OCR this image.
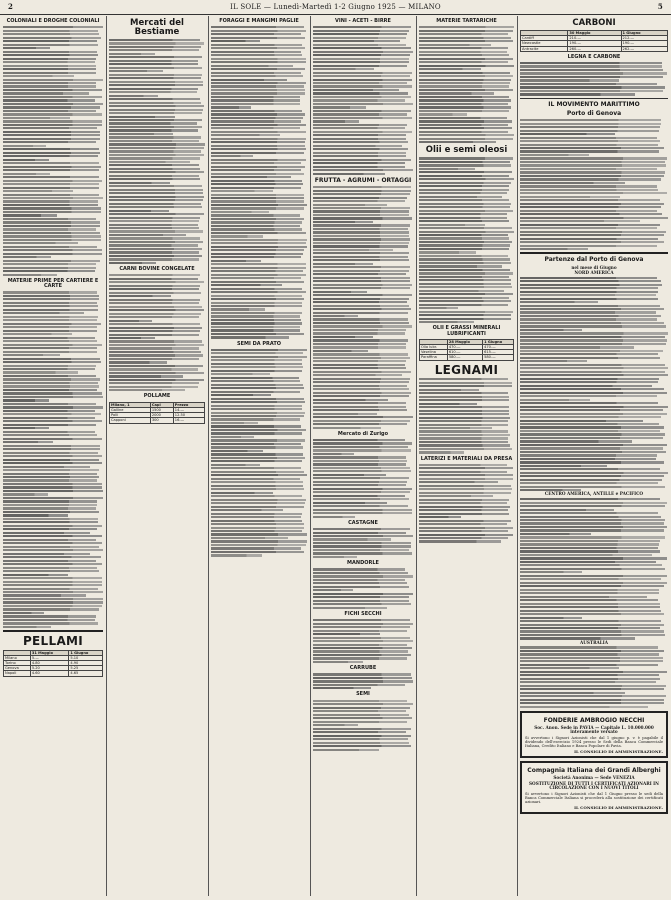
2	IL SOLE — Lunedì-Martedì 1-2 Giugno 1925 — MILANO	5
COLONIALI E DROGHE COLONIALI

MATERIE PRIME PER CARTIERE E CARTE

PELLAMI
	31 Maggio	1 Giugno
Milano	5.—	5.10
Torino	4.80	4.90
Genova	5.20	5.25
Napoli	4.60	4.65
Mercati del Bestiame

CARNI BOVINE CONGELATE

POLLAME
Milano, 1	Capi	Prezzo
Galline	1500	14.—
Polli	2000	12.50
Capponi	300	16.—
FORAGGI E MANGIMI PAGLIE

SEMI DA PRATO

VINI - ACETI - BIRRE

FRUTTA - AGRUMI - ORTAGGI

Mercato di Zurigo

CASTAGNE

MANDORLE

FICHI SECCHI

CARRUBE

SEMI

MATERIE TARTARICHE

Olii e semi oleosi

OLII E GRASSI MINERALI LUBRIFICANTI
	28 Maggio	1 Giugno
Olio lubr.	470.—	470.—
Vaselina	610.—	615.—
Paraffina	580.—	580.—
LEGNAMI

LATERIZI E MATERIALI DA PRESA

CARBONI
	30 Maggio	1 Giugno
Cardiff	210.—	212.—
Newcastle	190.—	190.—
Antracite	260.—	262.—
LEGNA E CARBONE

IL MOVIMENTO MARITTIMO
Porto di Genova

Partenze dal Porto di Genova
nel mese di Giugno
NORD AMERICA

CENTRO AMERICA, ANTILLE e PACIFICO

AUSTRALIA

FONDERIE AMBROGIO NECCHI
Soc. Anon. Sede in PAVIA — Capitale L. 10.000.000 interamente versato
Si avvertono i Signori Azionisti che dal 1 giugno p. v. è pagabile il dividendo dell'esercizio 1924 presso le Sedi della Banca Commerciale Italiana, Credito Italiano e Banca Popolare di Pavia.
IL CONSIGLIO DI AMMINISTRAZIONE.
Compagnia Italiana dei Grandi Alberghi
Società Anonima — Sede VENEZIA
SOSTITUZIONE DI TUTTI I CERTIFICATI AZIONARI IN CIRCOLAZIONE CON I NUOVI TITOLI
Si avvertono i Signori Azionisti che dal 1 Giugno presso le sedi della Banca Commerciale Italiana si procederà alla sostituzione dei certificati azionari.
IL CONSIGLIO DI AMMINISTRAZIONE.
